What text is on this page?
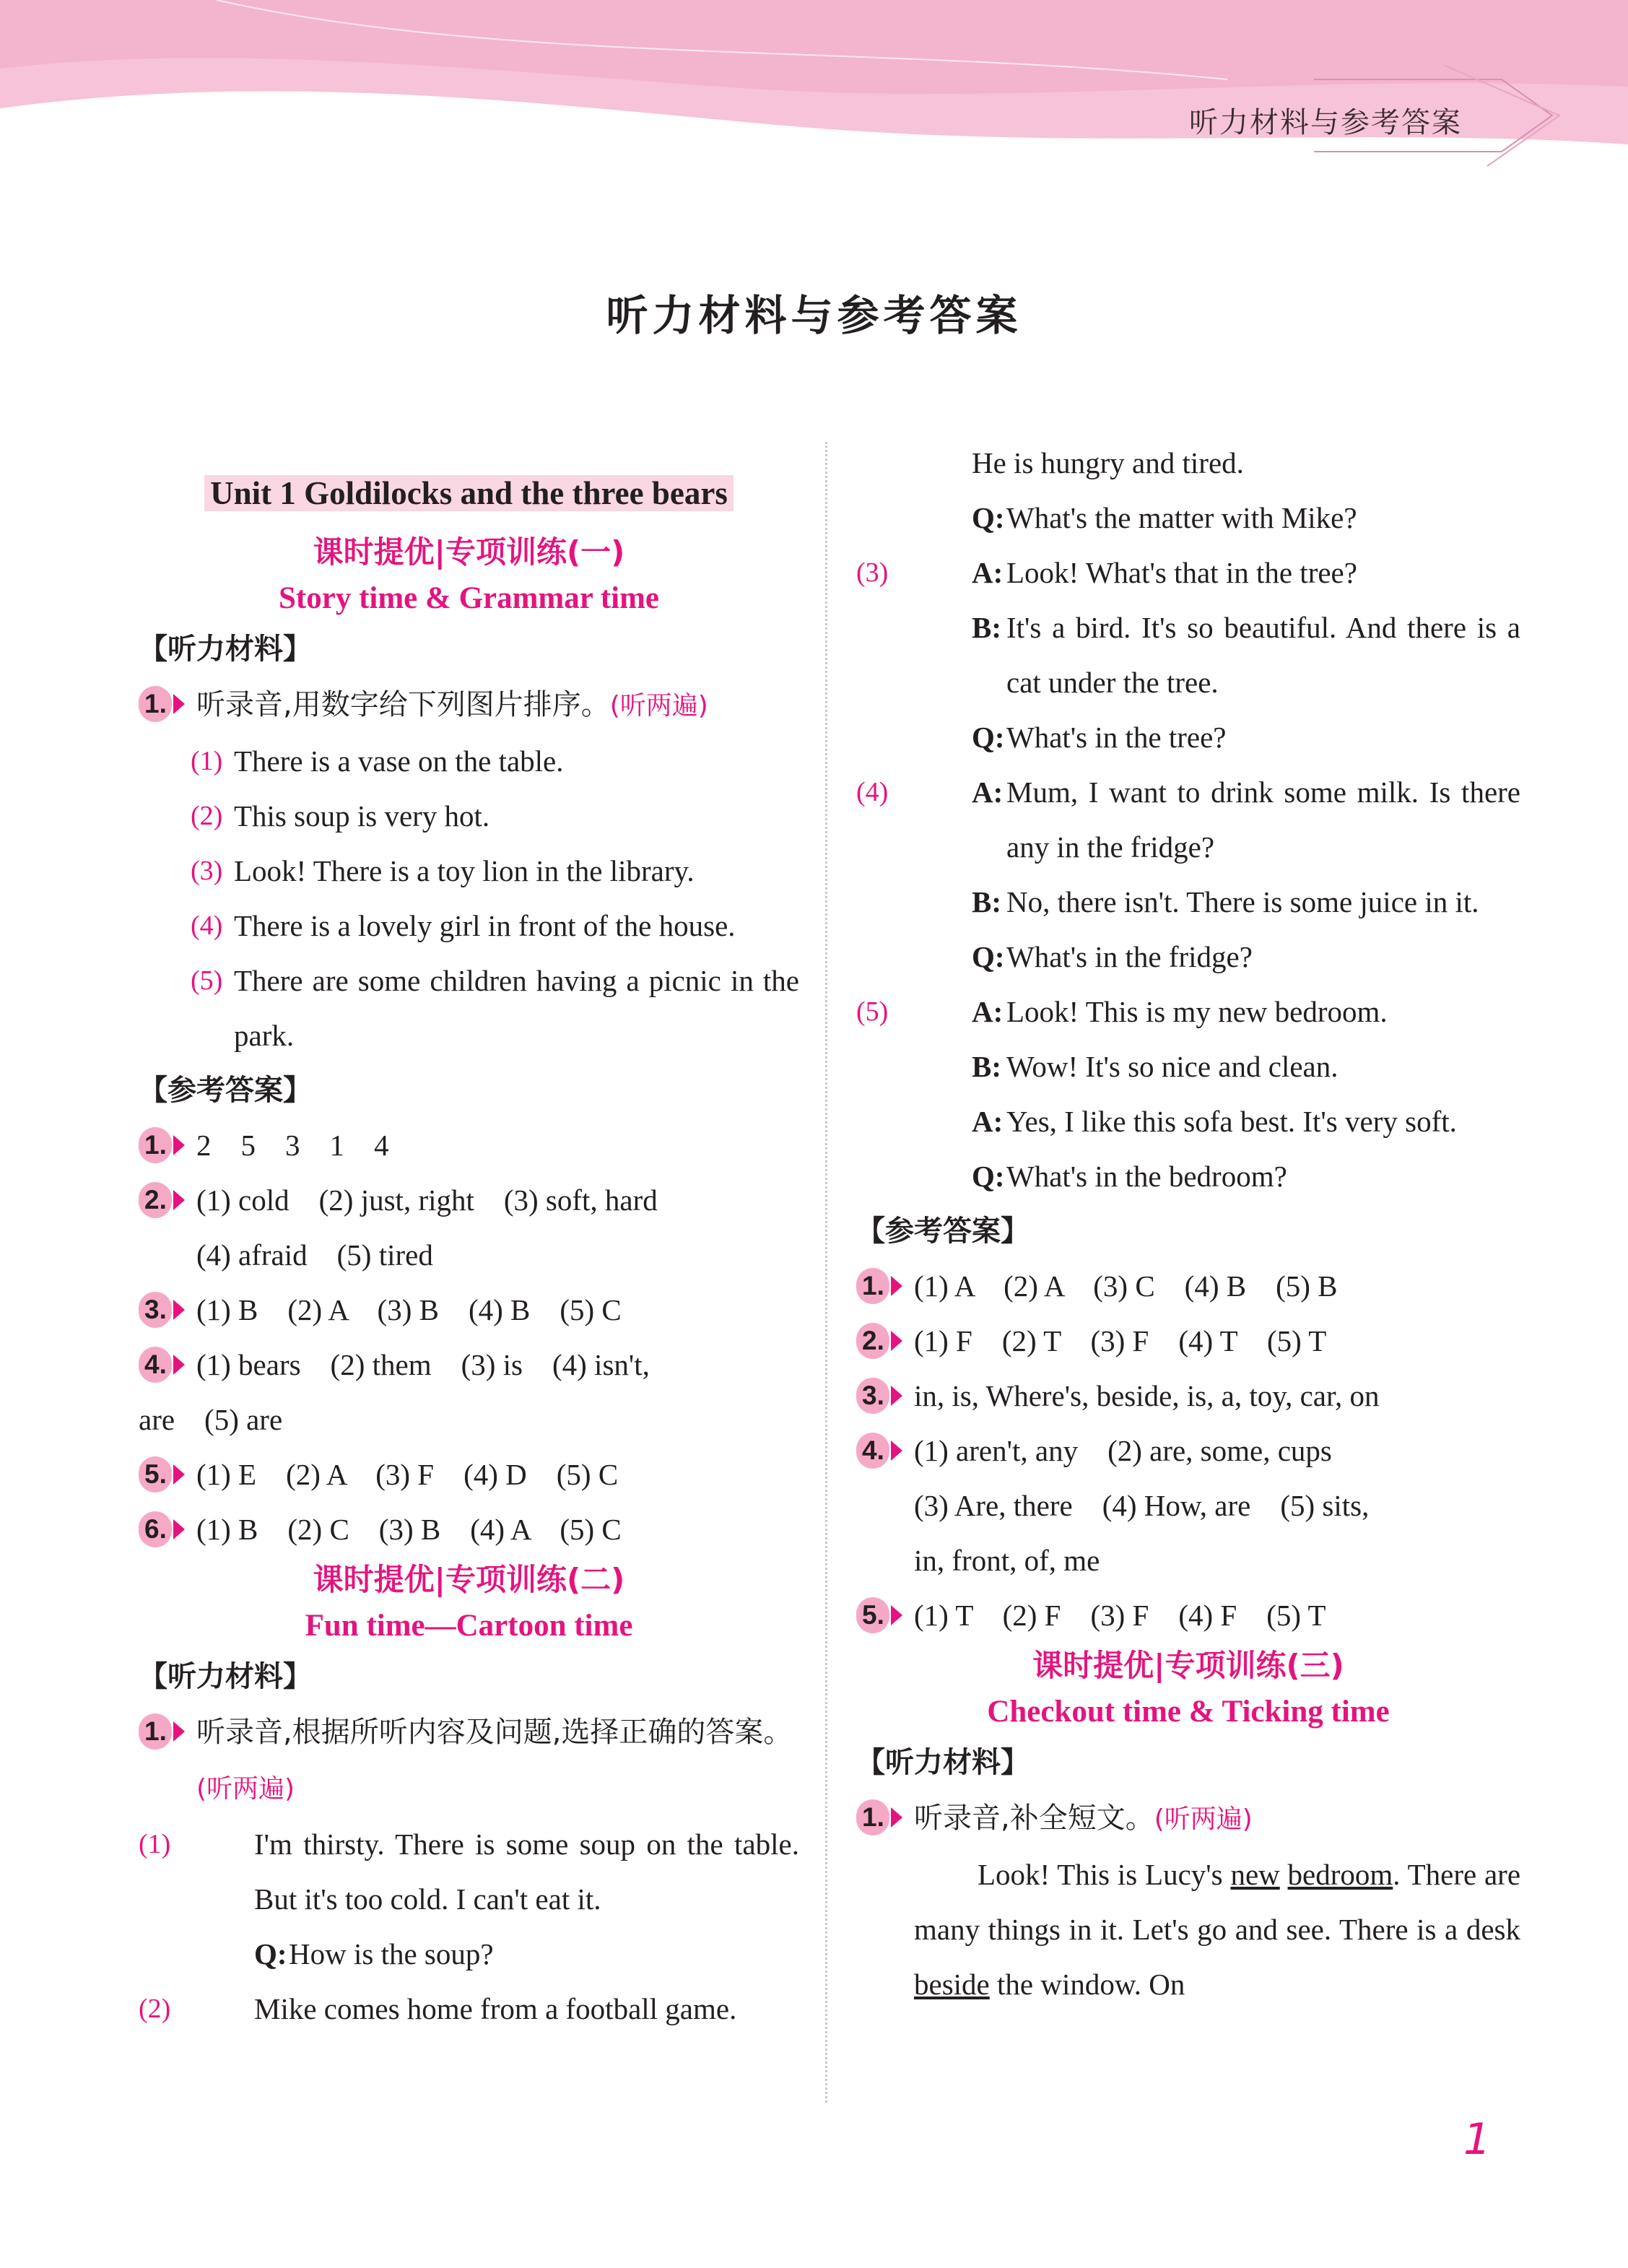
听力材料与参考答案
听力材料与参考答案
Unit 1 Goldilocks and the three bears
课时提优|专项训练(一)
Story time & Grammar time
【听力材料】
1. 听录音,用数字给下列图片排序。(听两遍)
(1) There is a vase on the table.
(2) This soup is very hot.
(3) Look! There is a toy lion in the library.
(4) There is a lovely girl in front of the house.
(5) There are some children having a picnic in the park.
【参考答案】
1. 2　5　3　1　4
2. (1) cold　(2) just, right　(3) soft, hard
(4) afraid　(5) tired
3. (1) B　(2) A　(3) B　(4) B　(5) C
4. (1) bears　(2) them　(3) is　(4) isn't,
are　(5) are
5. (1) E　(2) A　(3) F　(4) D　(5) C
6. (1) B　(2) C　(3) B　(4) A　(5) C
课时提优|专项训练(二)
Fun time—Cartoon time
【听力材料】
1. 听录音,根据所听内容及问题,选择正确的答案。(听两遍)
(1)	I'm thirsty. There is some soup on the table. But it's too cold. I can't eat it.
Q: How is the soup?
(2)	Mike comes home from a football game.
He is hungry and tired.
Q: What's the matter with Mike?
(3)	A: Look! What's that in the tree?
B: It's a bird. It's so beautiful. And there is a cat under the tree.
Q: What's in the tree?
(4)	A: Mum, I want to drink some milk. Is there any in the fridge?
B: No, there isn't. There is some juice in it.
Q: What's in the fridge?
(5)	A: Look! This is my new bedroom.
B: Wow! It's so nice and clean.
A: Yes, I like this sofa best. It's very soft.
Q: What's in the bedroom?
【参考答案】
1. (1) A　(2) A　(3) C　(4) B　(5) B
2. (1) F　(2) T　(3) F　(4) T　(5) T
3. in, is, Where's, beside, is, a, toy, car, on
4. (1) aren't, any　(2) are, some, cups
(3) Are, there　(4) How, are　(5) sits,
in, front, of, me
5. (1) T　(2) F　(3) F　(4) F　(5) T
课时提优|专项训练(三)
Checkout time & Ticking time
【听力材料】
1. 听录音,补全短文。(听两遍)
Look! This is Lucy's new bedroom. There are many things in it. Let's go and see. There is a desk beside the window. On
1
